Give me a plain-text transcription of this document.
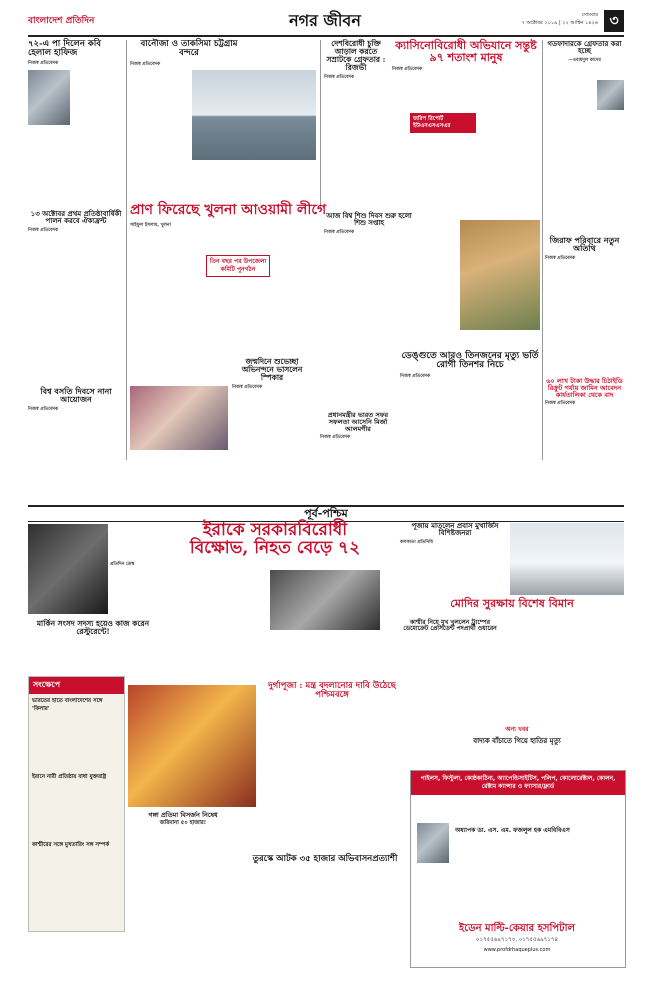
বাংলাদেশ প্রতিদিন	নগর জীবন	সোমবার
৭ অক্টোবর ২০১৯ | ২২ আশ্বিন ১৪২৬ ৩
৭২-এ পা দিলেন কবি হেলাল হাফিজ
নিজস্ব প্রতিবেদক
বানৌজা ও তাকসিমা চট্টগ্রাম বন্দরে
নিজস্ব প্রতিবেদক
দেশবিরোধী চুক্তি আড়াল করতে সম্রাটকে গ্রেফতার : রিজভী
নিজস্ব প্রতিবেদক
ক্যাসিনোবিরোধী অভিযানে সন্তুষ্ট ৯৭ শতাংশ মানুষ
নিজস্ব প্রতিবেদক
জরিপ রিপোর্ট ইউএনএসএসএর
গডফাদারকে গ্রেফতার করা হচ্ছে
—ওবায়দুল কাদের
প্রাণ ফিরেছে খুলনা আওয়ামী লীগে
সাইফুল ইসলাম, খুলনা
তিন বছর পর উপজেলা কমিটি পুনর্গঠন
আজ বিশ্ব শিশু দিবস শুরু হলো শিশু সপ্তাহ
নিজস্ব প্রতিবেদক
জিরাফ পরিবারে নতুন অতিথি
নিজস্ব প্রতিবেদক
৬০ লাখ টাকা উদ্ধার চিঠাইডি রিক্রুট পর্যায় জামিন আবেদন কার্যতালিকা থেকে বাদ
নিজস্ব প্রতিবেদক
১৩ অক্টোবর প্রথম প্রতিষ্ঠাবার্ষিকী পালন করবে ঐক্যফ্রন্ট
নিজস্ব প্রতিবেদক
বিশ্ব বসতি দিবসে নানা আয়োজন
নিজস্ব প্রতিবেদক
জন্মদিনে শুভেচ্ছা অভিনন্দনে ভাসলেন স্পিকার
নিজস্ব প্রতিবেদক
প্রধানমন্ত্রীর ভারত সফর সফলতা আসেনি মির্জা আলমগীর
নিজস্ব প্রতিবেদক
ডেঙ্গুতে আরও তিনজনের মৃত্যু ভর্তি রোগী তিনশর নিচে
নিজস্ব প্রতিবেদক
পূর্ব-পশ্চিম
ইরাকে সরকারবিরোধী
বিক্ষোভ, নিহত বেড়ে ৭২
প্রতিদিন ডেস্ক
পূজায় মাতলেন প্রবাস মুখার্জিস বিশিষ্টজনরা
কলকাতা প্রতিনিধি
মোদির সুরক্ষায় বিশেষ বিমান
মার্কিন সংসদ সদস্য হয়েও কাজ করেন রেস্টুরেন্টে!
কাশ্মীর নিয়ে মুখ খুললেন ট্রাম্পের ডেমোক্রেট প্রেসিডেন্ট পদপ্রার্থী ওয়ারেন
সংক্ষেপে
ভারতের হাতে বাংলাদেশের সঙ্গে 'কিলার'
ইরানে নারী প্রতিষ্ঠার বাধা যুক্তরাষ্ট্র
কাশ্মীরের সঙ্গে মুখতারিং সঙ্গ সম্পর্ক
দুর্গাপূজা : মন্ত্র বদলানোর দাবি উঠেছে পশ্চিমবঙ্গে
গঙ্গা প্রতিমা বিসর্জন নিষেধ
জরিমানা ৫০ হাজার!
তুরস্কে আটক ৩৫ হাজার অভিবাসনপ্রত্যাশী
অন্য খবর
বাদ্যক বাঁচাতে গিয়ে হাতির মৃত্যু
পাইলস, ফিস্টুলা, কোষ্ঠকাঠিন্য, অ্যাপেন্ডিসাইটিস, পলিপ, কোলোরেক্টাল, কোলন, রেক্টাম ক্যান্সার ও ফ্যাসার/ফ্লার্ড
অধ্যাপক ডা. এস. এম. ফজলুল হক এমবিবিএস
ইডেন মাল্টি-কেয়ার হসপিটাল
০১৭৫৫৬৯৭১৭৩, ০১৭৫৫৬৯৭১৭৪
www.profdrhaqueplus.com
